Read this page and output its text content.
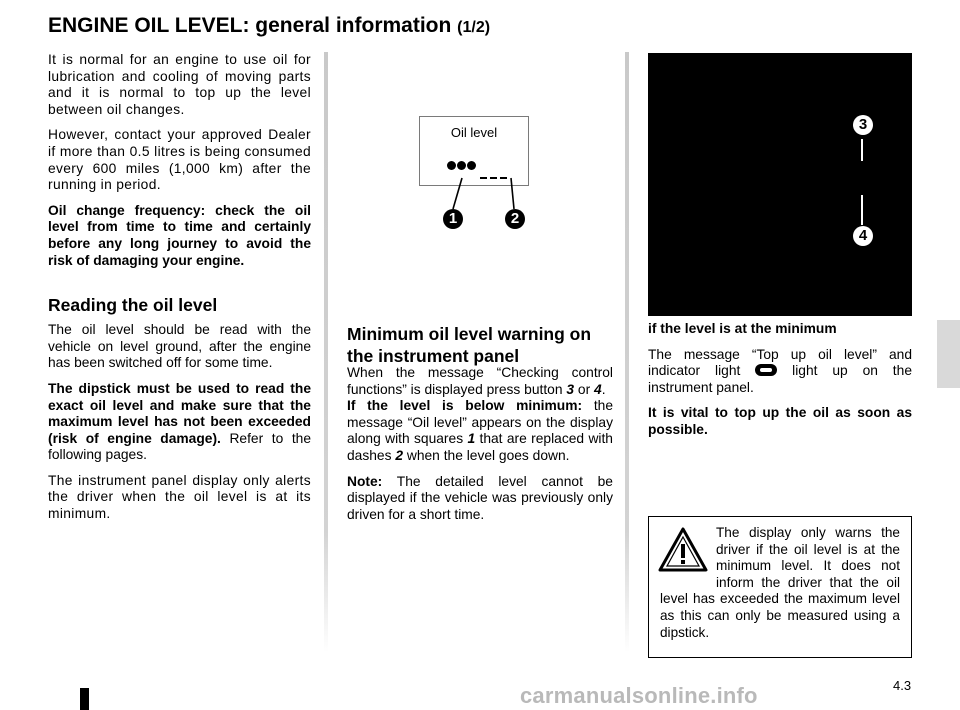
ENGINE OIL LEVEL: general information (1/2)

It is normal for an engine to use oil for lubrication and cooling of moving parts and it is normal to top up the level between oil changes.

However, contact your approved Dealer if more than 0.5 litres is being consumed every 600 miles (1,000 km) after the running in period.

Oil change frequency: check the oil level from time to time and certainly before any long journey to avoid the risk of damaging your engine.

Reading the oil level

The oil level should be read with the vehicle on level ground, after the engine has been switched off for some time.

The dipstick must be used to read the exact oil level and make sure that the maximum level has not been exceeded (risk of engine damage). Refer to the following pages.

The instrument panel display only alerts the driver when the oil level is at its minimum.

Oil level
1	2
Minimum oil level warning on
the instrument panel

When the message “Checking control functions” is displayed press button 3 or 4.

If the level is below minimum: the message “Oil level” appears on the display along with squares 1 that are replaced with dashes 2 when the level goes down.

Note: The detailed level cannot be displayed if the vehicle was previously only driven for a short time.

3
4

if the level is at the minimum

The message “Top up oil level” and indicator light	light up on the instrument panel.

It is vital to top up the oil as soon as possible.

The display only warns the driver if the oil level is at the minimum level. It does not inform the driver that the oil level has exceeded the maximum level as this can only be measured using a dipstick.
4.3
carmanualsonline.info
